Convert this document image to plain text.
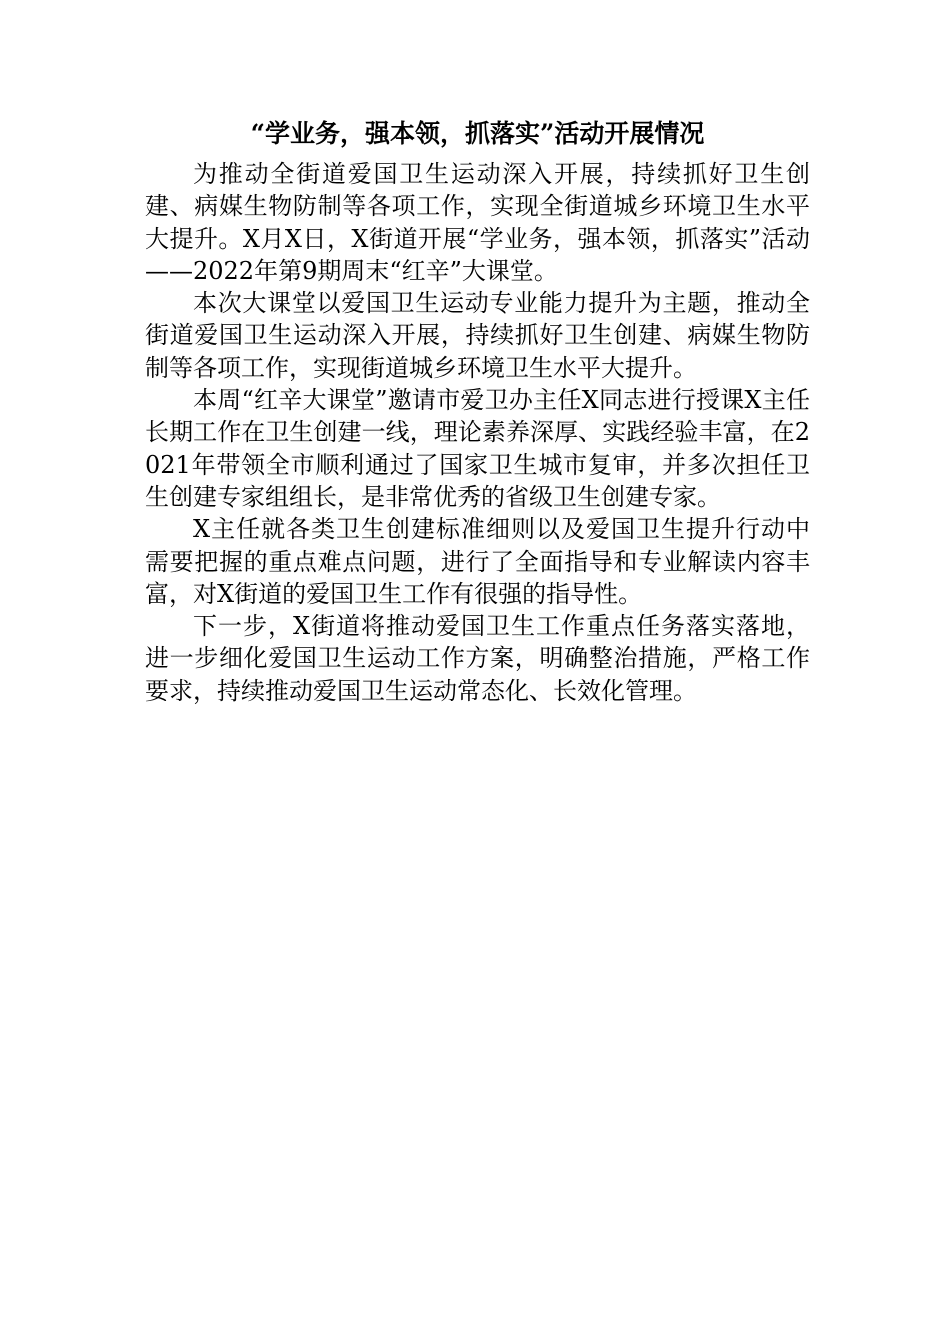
“学业务，强本领，抓落实”活动开展情况

为推动全街道爱国卫生运动深入开展，持续抓好卫生创建、病媒生物防制等各项工作，实现全街道城乡环境卫生水平大提升。X月X日，X街道开展“学业务，强本领，抓落实”活动——2022年第9期周末“红辛”大课堂。

本次大课堂以爱国卫生运动专业能力提升为主题，推动全街道爱国卫生运动深入开展，持续抓好卫生创建、病媒生物防制等各项工作，实现街道城乡环境卫生水平大提升。

本周“红辛大课堂”邀请市爱卫办主任X同志进行授课X主任长期工作在卫生创建一线，理论素养深厚、实践经验丰富，在2021年带领全市顺利通过了国家卫生城市复审，并多次担任卫生创建专家组组长，是非常优秀的省级卫生创建专家。

X主任就各类卫生创建标准细则以及爱国卫生提升行动中需要把握的重点难点问题，进行了全面指导和专业解读内容丰富，对X街道的爱国卫生工作有很强的指导性。

下一步，X街道将推动爱国卫生工作重点任务落实落地，进一步细化爱国卫生运动工作方案，明确整治措施，严格工作要求，持续推动爱国卫生运动常态化、长效化管理。
